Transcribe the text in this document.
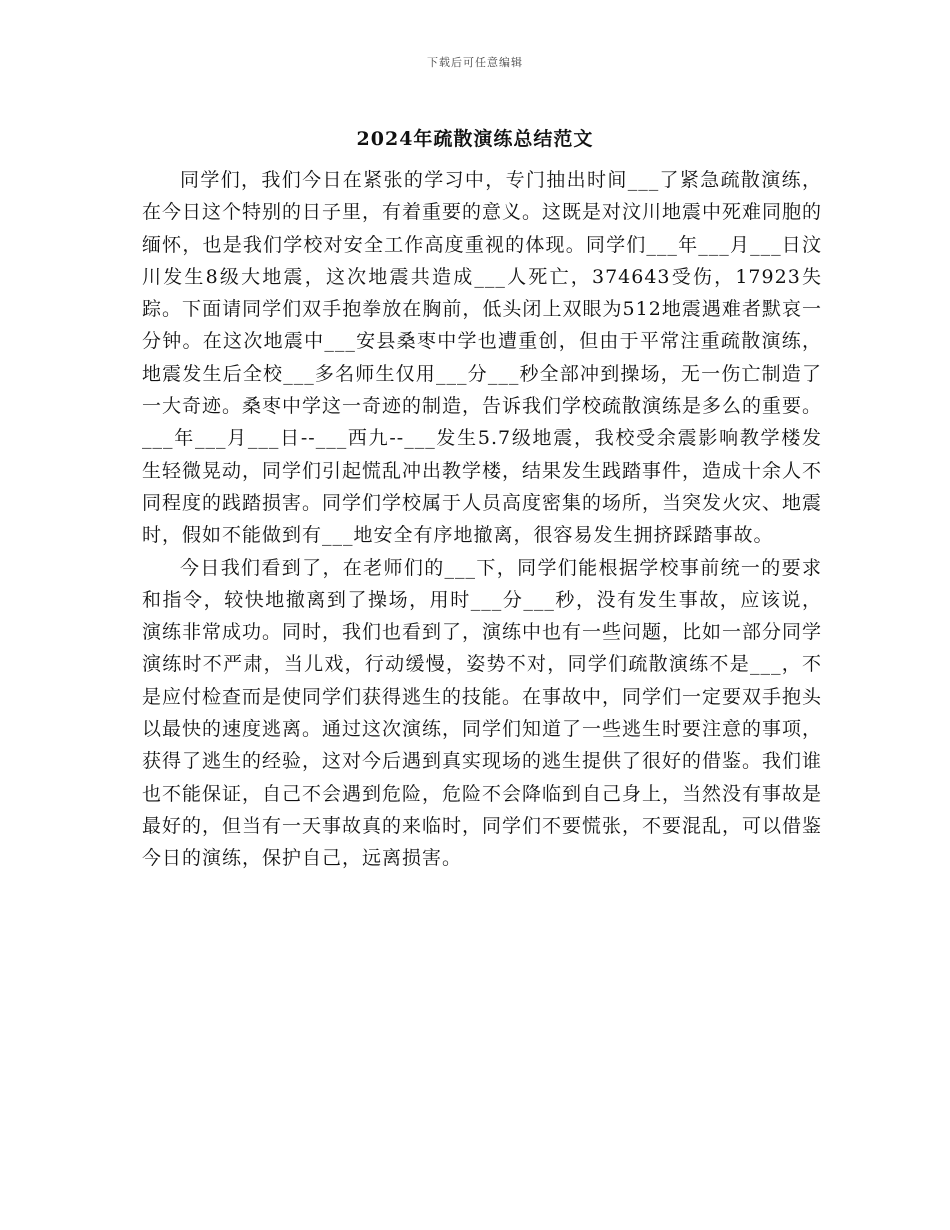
下载后可任意编辑
2024年疏散演练总结范文

同学们，我们今日在紧张的学习中，专门抽出时间___了紧急疏散演练，在今日这个特别的日子里，有着重要的意义。这既是对汶川地震中死难同胞的缅怀，也是我们学校对安全工作高度重视的体现。同学们___年___月___日汶川发生8级大地震，这次地震共造成___人死亡，374643受伤，17923失踪。下面请同学们双手抱拳放在胸前，低头闭上双眼为512地震遇难者默哀一分钟。在这次地震中___安县桑枣中学也遭重创，但由于平常注重疏散演练，地震发生后全校___多名师生仅用___分___秒全部冲到操场，无一伤亡制造了一大奇迹。桑枣中学这一奇迹的制造，告诉我们学校疏散演练是多么的重要。___年___月___日--___西九--___发生5.7级地震，我校受余震影响教学楼发生轻微晃动，同学们引起慌乱冲出教学楼，结果发生践踏事件，造成十余人不同程度的践踏损害。同学们学校属于人员高度密集的场所，当突发火灾、地震时，假如不能做到有___地安全有序地撤离，很容易发生拥挤踩踏事故。

今日我们看到了，在老师们的___下，同学们能根据学校事前统一的要求和指令，较快地撤离到了操场，用时___分___秒，没有发生事故，应该说，演练非常成功。同时，我们也看到了，演练中也有一些问题，比如一部分同学演练时不严肃，当儿戏，行动缓慢，姿势不对，同学们疏散演练不是___，不是应付检查而是使同学们获得逃生的技能。在事故中，同学们一定要双手抱头以最快的速度逃离。通过这次演练，同学们知道了一些逃生时要注意的事项，获得了逃生的经验，这对今后遇到真实现场的逃生提供了很好的借鉴。我们谁也不能保证，自己不会遇到危险，危险不会降临到自己身上，当然没有事故是最好的，但当有一天事故真的来临时，同学们不要慌张，不要混乱，可以借鉴今日的演练，保护自己，远离损害。
